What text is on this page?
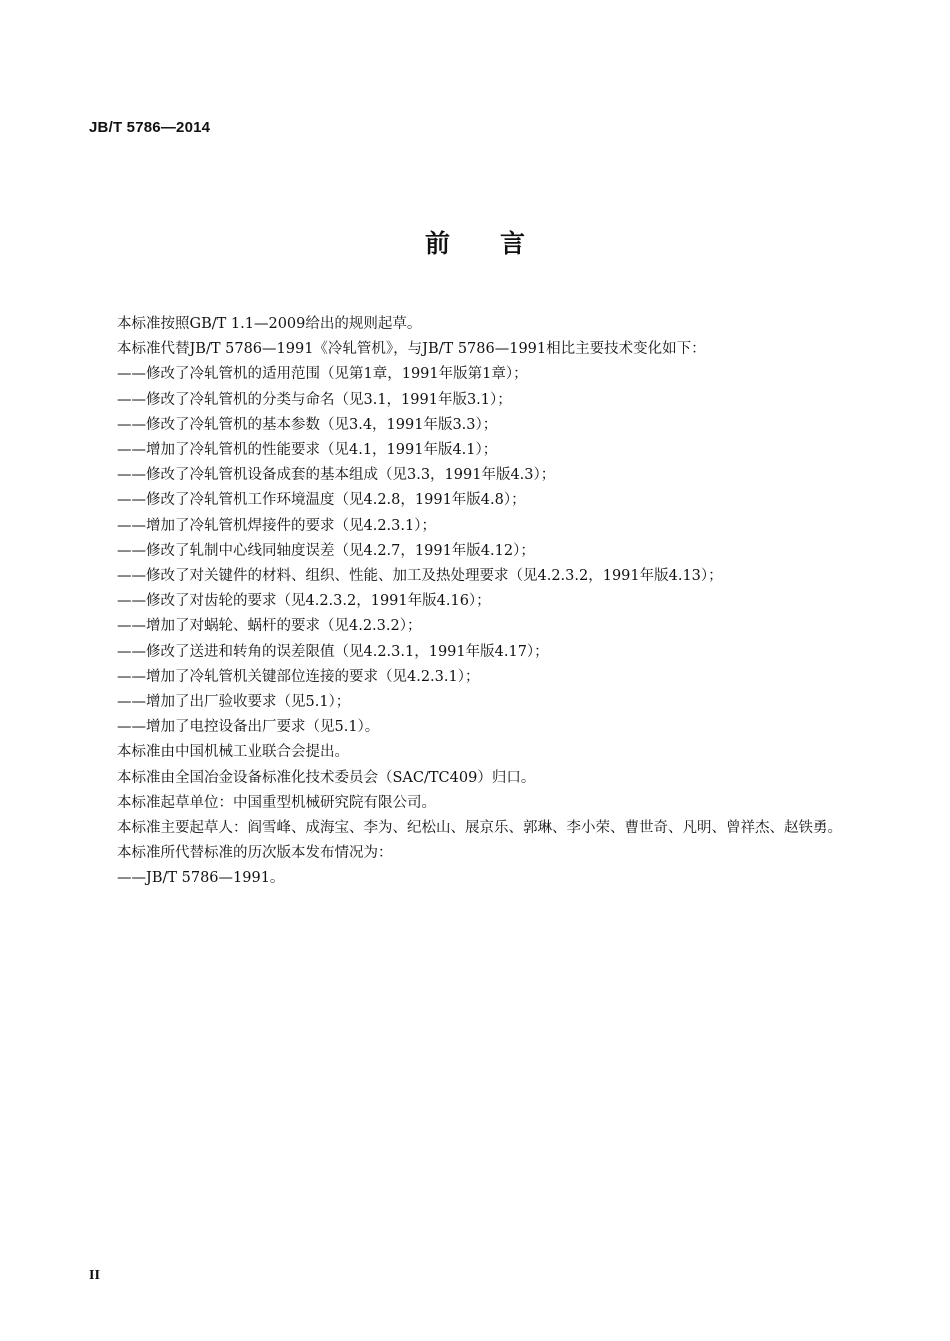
JB/T 5786—2014
前言

本标准按照GB/T 1.1—2009给出的规则起草。

本标准代替JB/T 5786—1991《冷轧管机》，与JB/T 5786—1991相比主要技术变化如下：

——修改了冷轧管机的适用范围（见第1章，1991年版第1章）；

——修改了冷轧管机的分类与命名（见3.1，1991年版3.1）；

——修改了冷轧管机的基本参数（见3.4，1991年版3.3）；

——增加了冷轧管机的性能要求（见4.1，1991年版4.1）；

——修改了冷轧管机设备成套的基本组成（见3.3，1991年版4.3）；

——修改了冷轧管机工作环境温度（见4.2.8，1991年版4.8）；

——增加了冷轧管机焊接件的要求（见4.2.3.1）；

——修改了轧制中心线同轴度误差（见4.2.7，1991年版4.12）；

——修改了对关键件的材料、组织、性能、加工及热处理要求（见4.2.3.2，1991年版4.13）；

——修改了对齿轮的要求（见4.2.3.2，1991年版4.16）；

——增加了对蜗轮、蜗杆的要求（见4.2.3.2）；

——修改了送进和转角的误差限值（见4.2.3.1，1991年版4.17）；

——增加了冷轧管机关键部位连接的要求（见4.2.3.1）；

——增加了出厂验收要求（见5.1）；

——增加了电控设备出厂要求（见5.1）。

本标准由中国机械工业联合会提出。

本标准由全国冶金设备标准化技术委员会（SAC/TC409）归口。

本标准起草单位：中国重型机械研究院有限公司。

本标准主要起草人：阎雪峰、成海宝、李为、纪松山、展京乐、郭琳、李小荣、曹世奇、凡明、曾祥杰、赵铁勇。

本标准所代替标准的历次版本发布情况为：

——JB/T 5786—1991。

II
